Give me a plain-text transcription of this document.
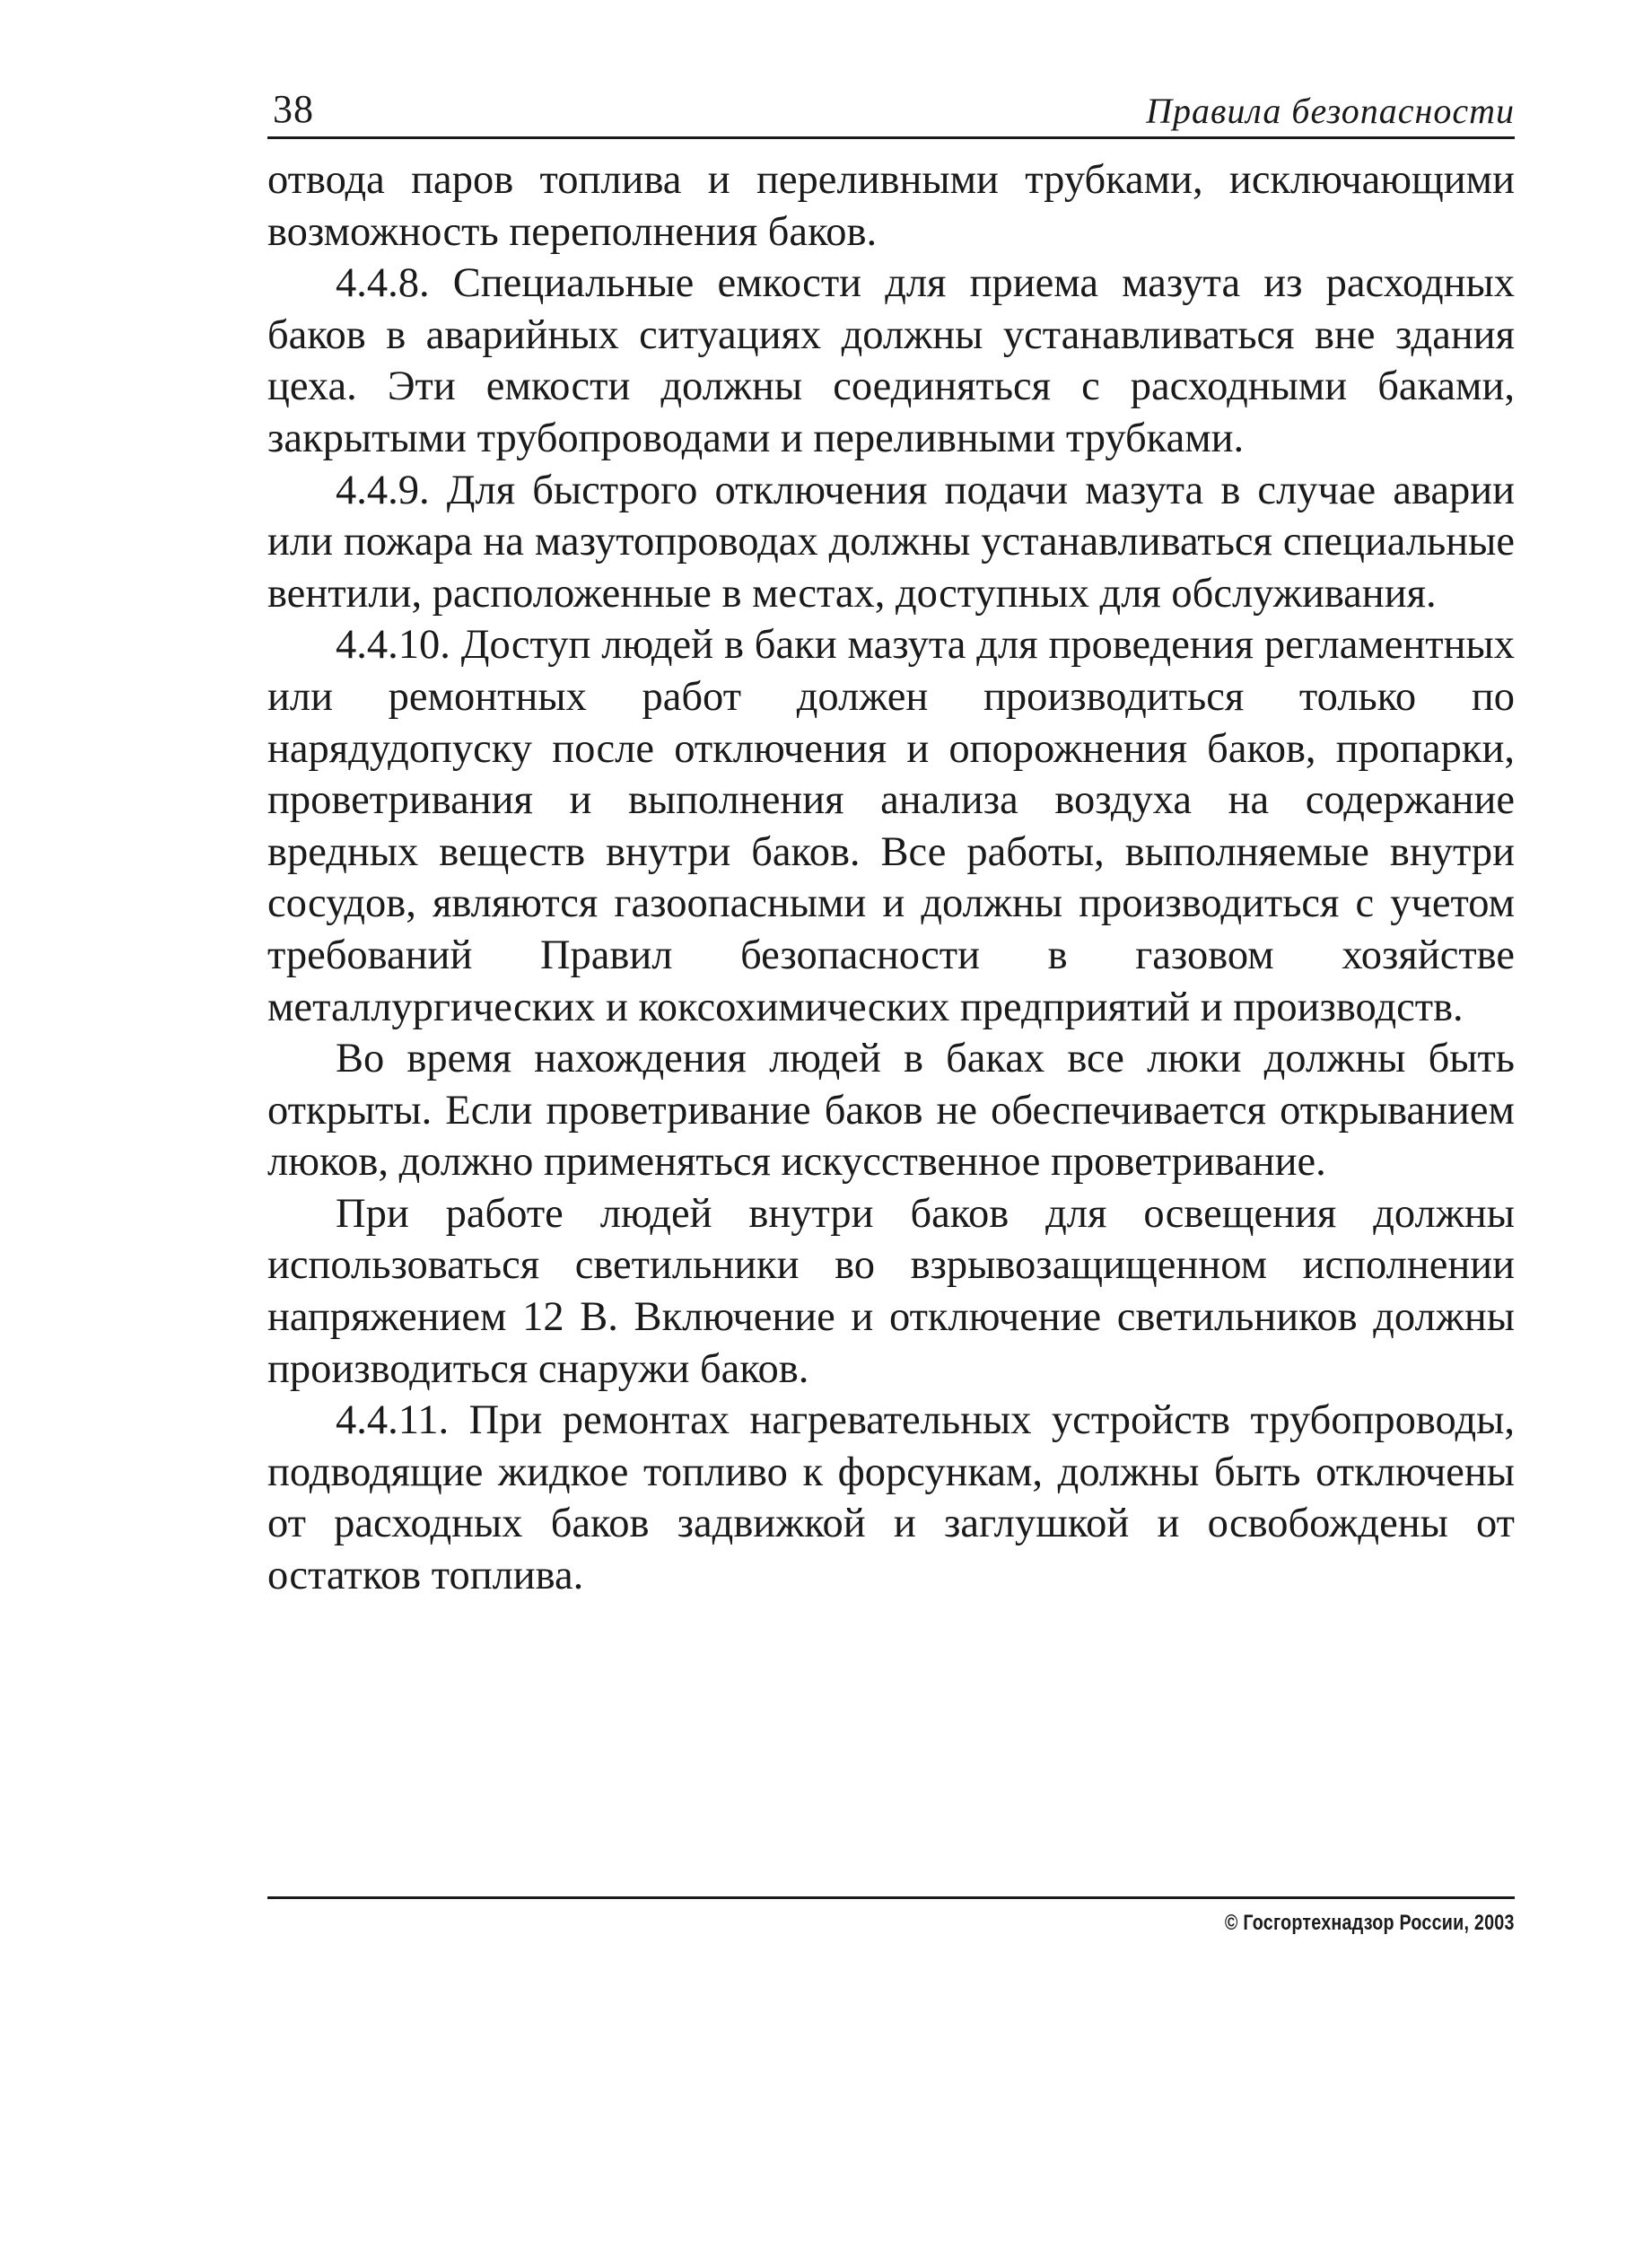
38	Правила безопасности

отвода паров топлива и переливными трубками, исключающими возможность переполнения баков.

4.4.8. Специальные емкости для приема мазута из расходных баков в аварийных ситуациях должны устанавливаться вне здания цеха. Эти емкости должны соединяться с расходными баками, закрытыми трубопроводами и переливными трубками.

4.4.9. Для быстрого отключения подачи мазута в случае аварии или пожара на мазутопроводах должны устанавливаться специальные вентили, расположенные в местах, доступных для обслуживания.

4.4.10. Доступ людей в баки мазута для проведения регламентных или ремонтных работ должен производиться только по нарядудопуску после отключения и опорожнения баков, пропарки, проветривания и выполнения анализа воздуха на содержание вредных веществ внутри баков. Все работы, выполняемые внутри сосудов, являются газоопасными и должны производиться с учетом требований Правил безопасности в газовом хозяйстве металлургических и коксохимических предприятий и производств.

Во время нахождения людей в баках все люки должны быть открыты. Если проветривание баков не обеспечивается открыванием люков, должно применяться искусственное проветривание.

При работе людей внутри баков для освещения должны использоваться светильники во взрывозащищенном исполнении напряжением 12 В. Включение и отключение светильников должны производиться снаружи баков.

4.4.11. При ремонтах нагревательных устройств трубопроводы, подводящие жидкое топливо к форсункам, должны быть отключены от расходных баков задвижкой и заглушкой и освобождены от остатков топлива.

© Госгортехнадзор России, 2003
